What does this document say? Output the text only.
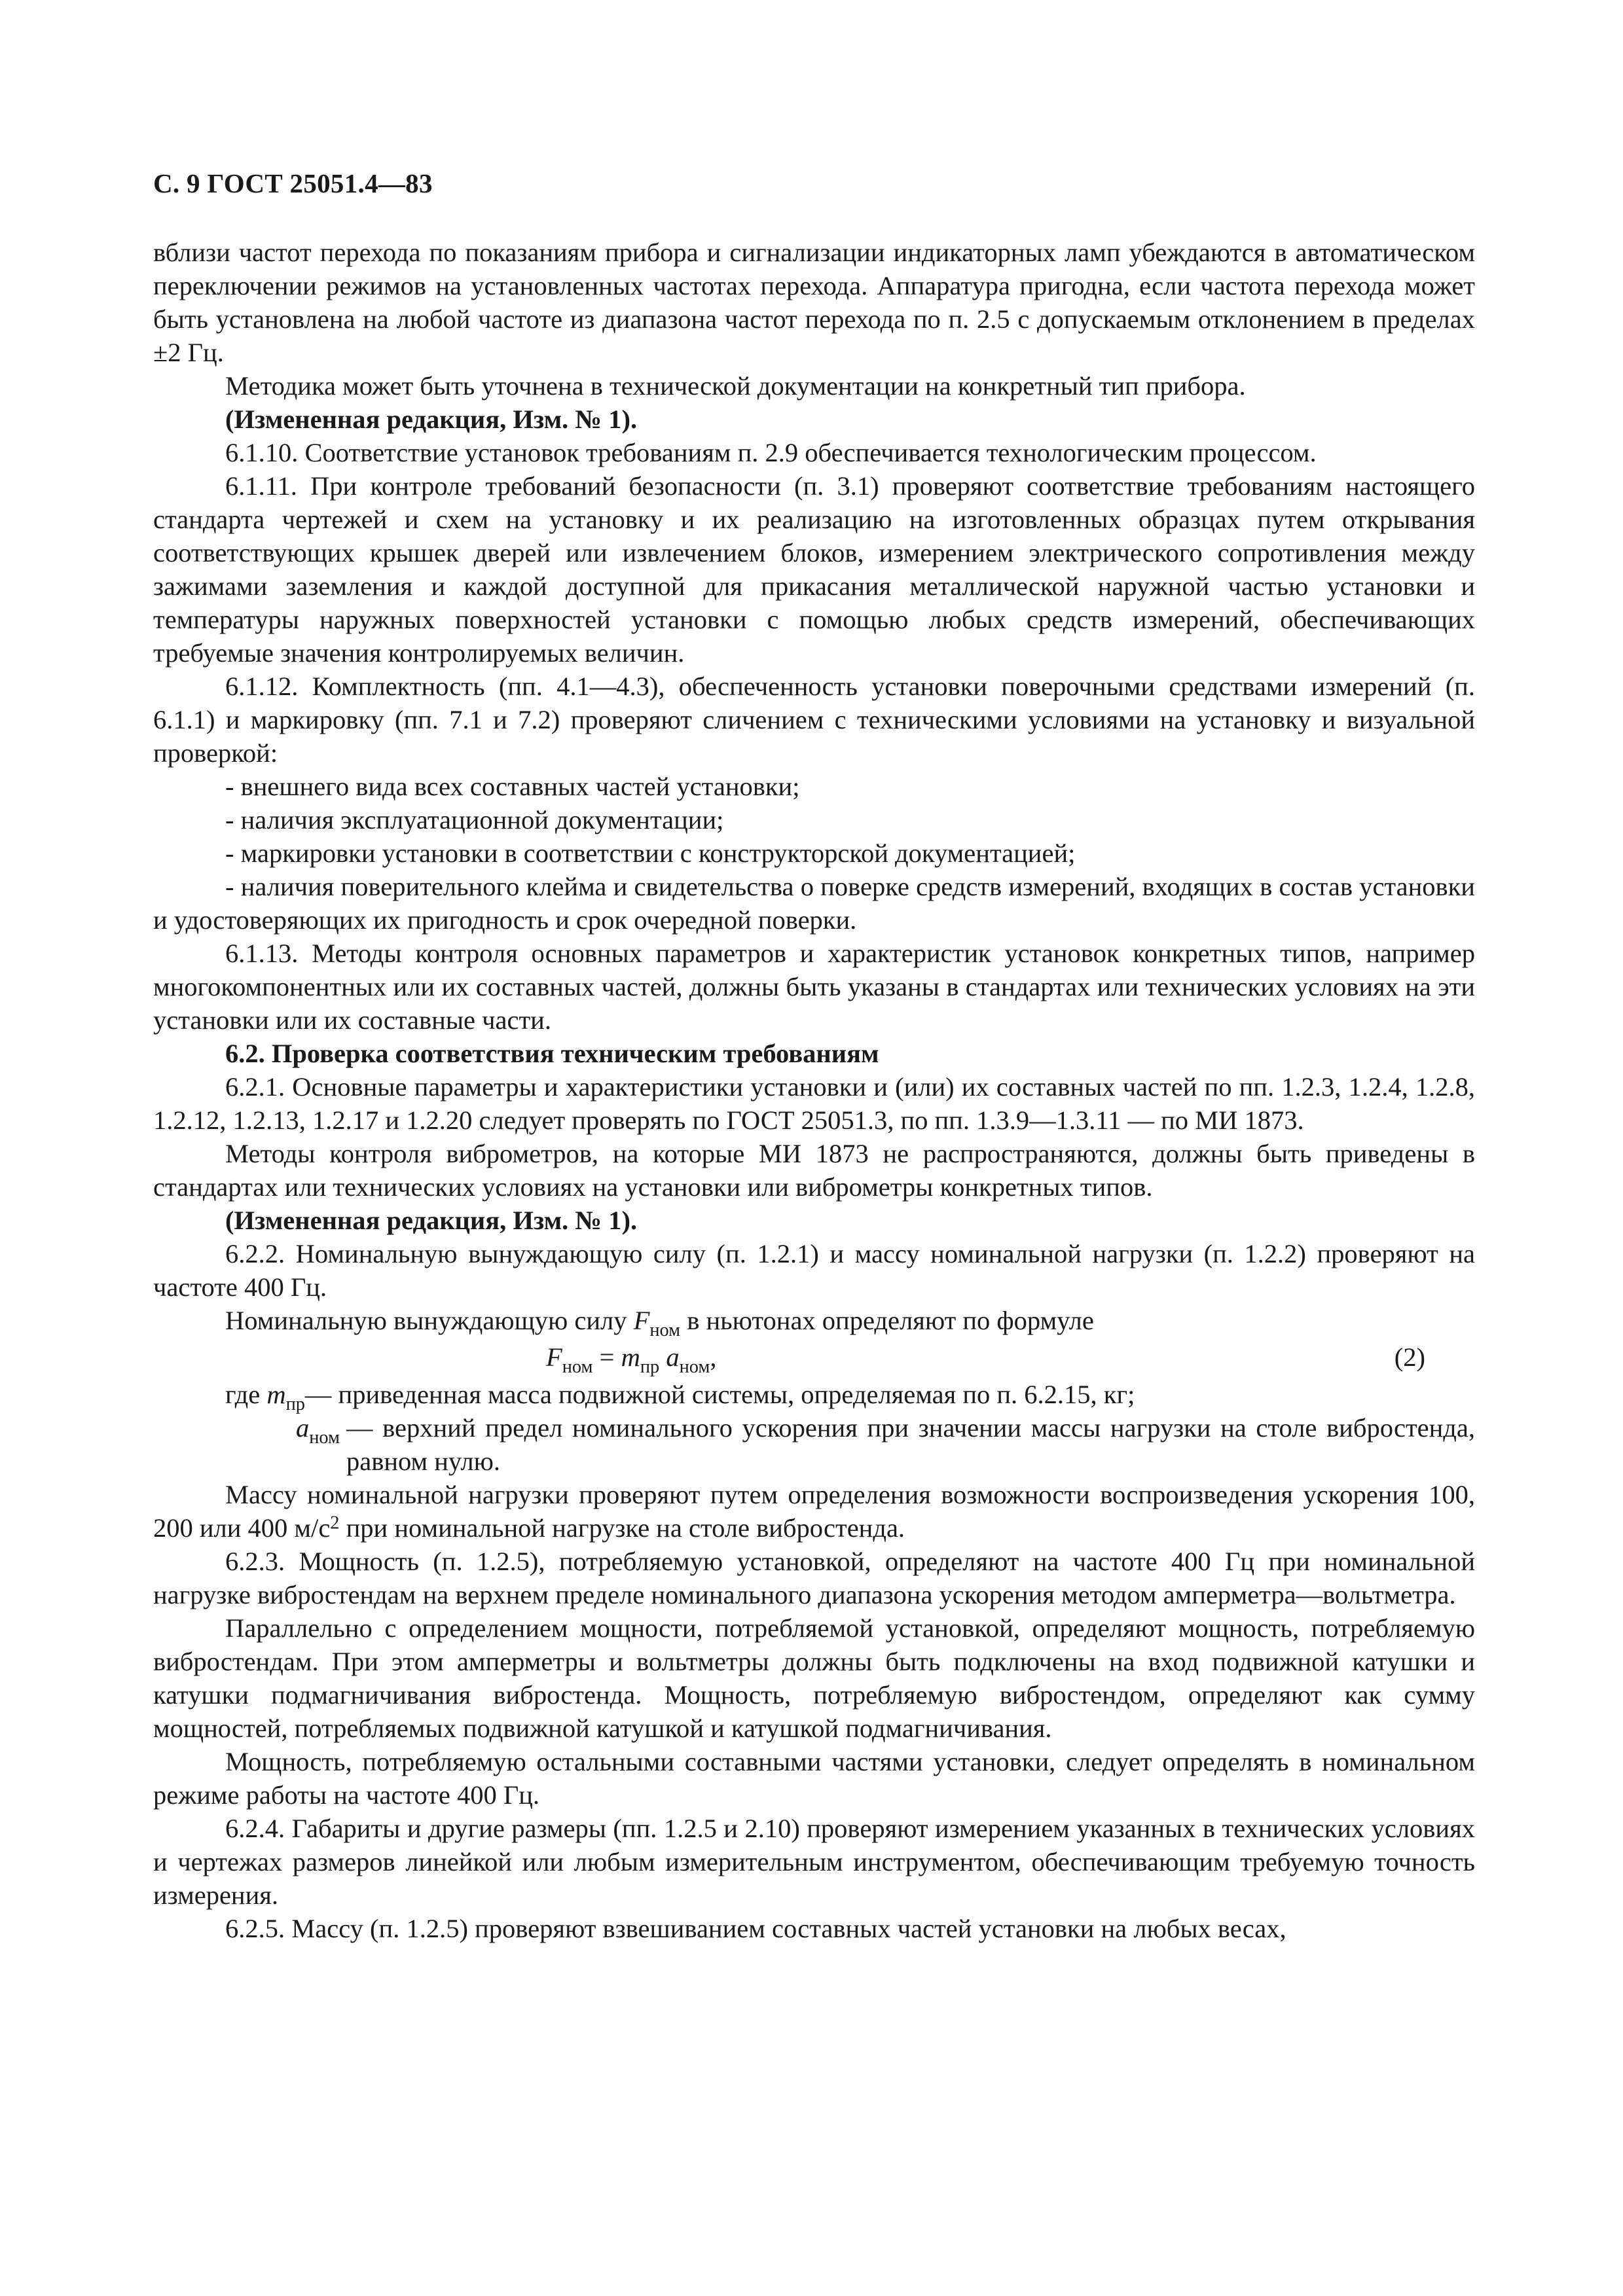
С. 9 ГОСТ 25051.4—83

вблизи частот перехода по показаниям прибора и сигнализации индикаторных ламп убеждаются в автоматическом переключении режимов на установленных частотах перехода. Аппаратура пригодна, если частота перехода может быть установлена на любой частоте из диапазона частот перехода по п. 2.5 с допускаемым отклонением в пределах ±2 Гц.

Методика может быть уточнена в технической документации на конкретный тип прибора.

(Измененная редакция, Изм. № 1).

6.1.10. Соответствие установок требованиям п. 2.9 обеспечивается технологическим процессом.

6.1.11. При контроле требований безопасности (п. 3.1) проверяют соответствие требованиям настоящего стандарта чертежей и схем на установку и их реализацию на изготовленных образцах путем открывания соответствующих крышек дверей или извлечением блоков, измерением электрического сопротивления между зажимами заземления и каждой доступной для прикасания металлической наружной частью установки и температуры наружных поверхностей установки с помощью любых средств измерений, обеспечивающих требуемые значения контролируемых величин.

6.1.12. Комплектность (пп. 4.1—4.3), обеспеченность установки поверочными средствами измерений (п. 6.1.1) и маркировку (пп. 7.1 и 7.2) проверяют сличением с техническими условиями на установку и визуальной проверкой:

- внешнего вида всех составных частей установки;

- наличия эксплуатационной документации;

- маркировки установки в соответствии с конструкторской документацией;

- наличия поверительного клейма и свидетельства о поверке средств измерений, входящих в состав установки и удостоверяющих их пригодность и срок очередной поверки.

6.1.13. Методы контроля основных параметров и характеристик установок конкретных типов, например многокомпонентных или их составных частей, должны быть указаны в стандартах или технических условиях на эти установки или их составные части.

6.2. Проверка соответствия техническим требованиям

6.2.1. Основные параметры и характеристики установки и (или) их составных частей по пп. 1.2.3, 1.2.4, 1.2.8, 1.2.12, 1.2.13, 1.2.17 и 1.2.20 следует проверять по ГОСТ 25051.3, по пп. 1.3.9—1.3.11 — по МИ 1873.

Методы контроля виброметров, на которые МИ 1873 не распространяются, должны быть приведены в стандартах или технических условиях на установки или виброметры конкретных типов.

(Измененная редакция, Изм. № 1).

6.2.2. Номинальную вынуждающую силу (п. 1.2.1) и массу номинальной нагрузки (п. 1.2.2) проверяют на частоте 400 Гц.

Номинальную вынуждающую силу $F_{ном}$ в ньютонах определяют по формуле

$F_{ном} = m_{пр}$ $a_{ном}$,	(2)
где $m_{пр}$ — приведенная масса подвижной системы, определяемая по п. 6.2.15, кг;
$a_{ном}$ — верхний предел номинального ускорения при значении массы нагрузки на столе вибростенда, равном нулю.

Массу номинальной нагрузки проверяют путем определения возможности воспроизведения ускорения 100, 200 или 400 $м/с^2$ при номинальной нагрузке на столе вибростенда.

6.2.3. Мощность (п. 1.2.5), потребляемую установкой, определяют на частоте 400 Гц при номинальной нагрузке вибростендам на верхнем пределе номинального диапазона ускорения методом амперметра—вольтметра.

Параллельно с определением мощности, потребляемой установкой, определяют мощность, потребляемую вибростендам. При этом амперметры и вольтметры должны быть подключены на вход подвижной катушки и катушки подмагничивания вибростенда. Мощность, потребляемую вибростендом, определяют как сумму мощностей, потребляемых подвижной катушкой и катушкой подмагничивания.

Мощность, потребляемую остальными составными частями установки, следует определять в номинальном режиме работы на частоте 400 Гц.

6.2.4. Габариты и другие размеры (пп. 1.2.5 и 2.10) проверяют измерением указанных в технических условиях и чертежах размеров линейкой или любым измерительным инструментом, обеспечивающим требуемую точность измерения.

6.2.5. Массу (п. 1.2.5) проверяют взвешиванием составных частей установки на любых весах,
